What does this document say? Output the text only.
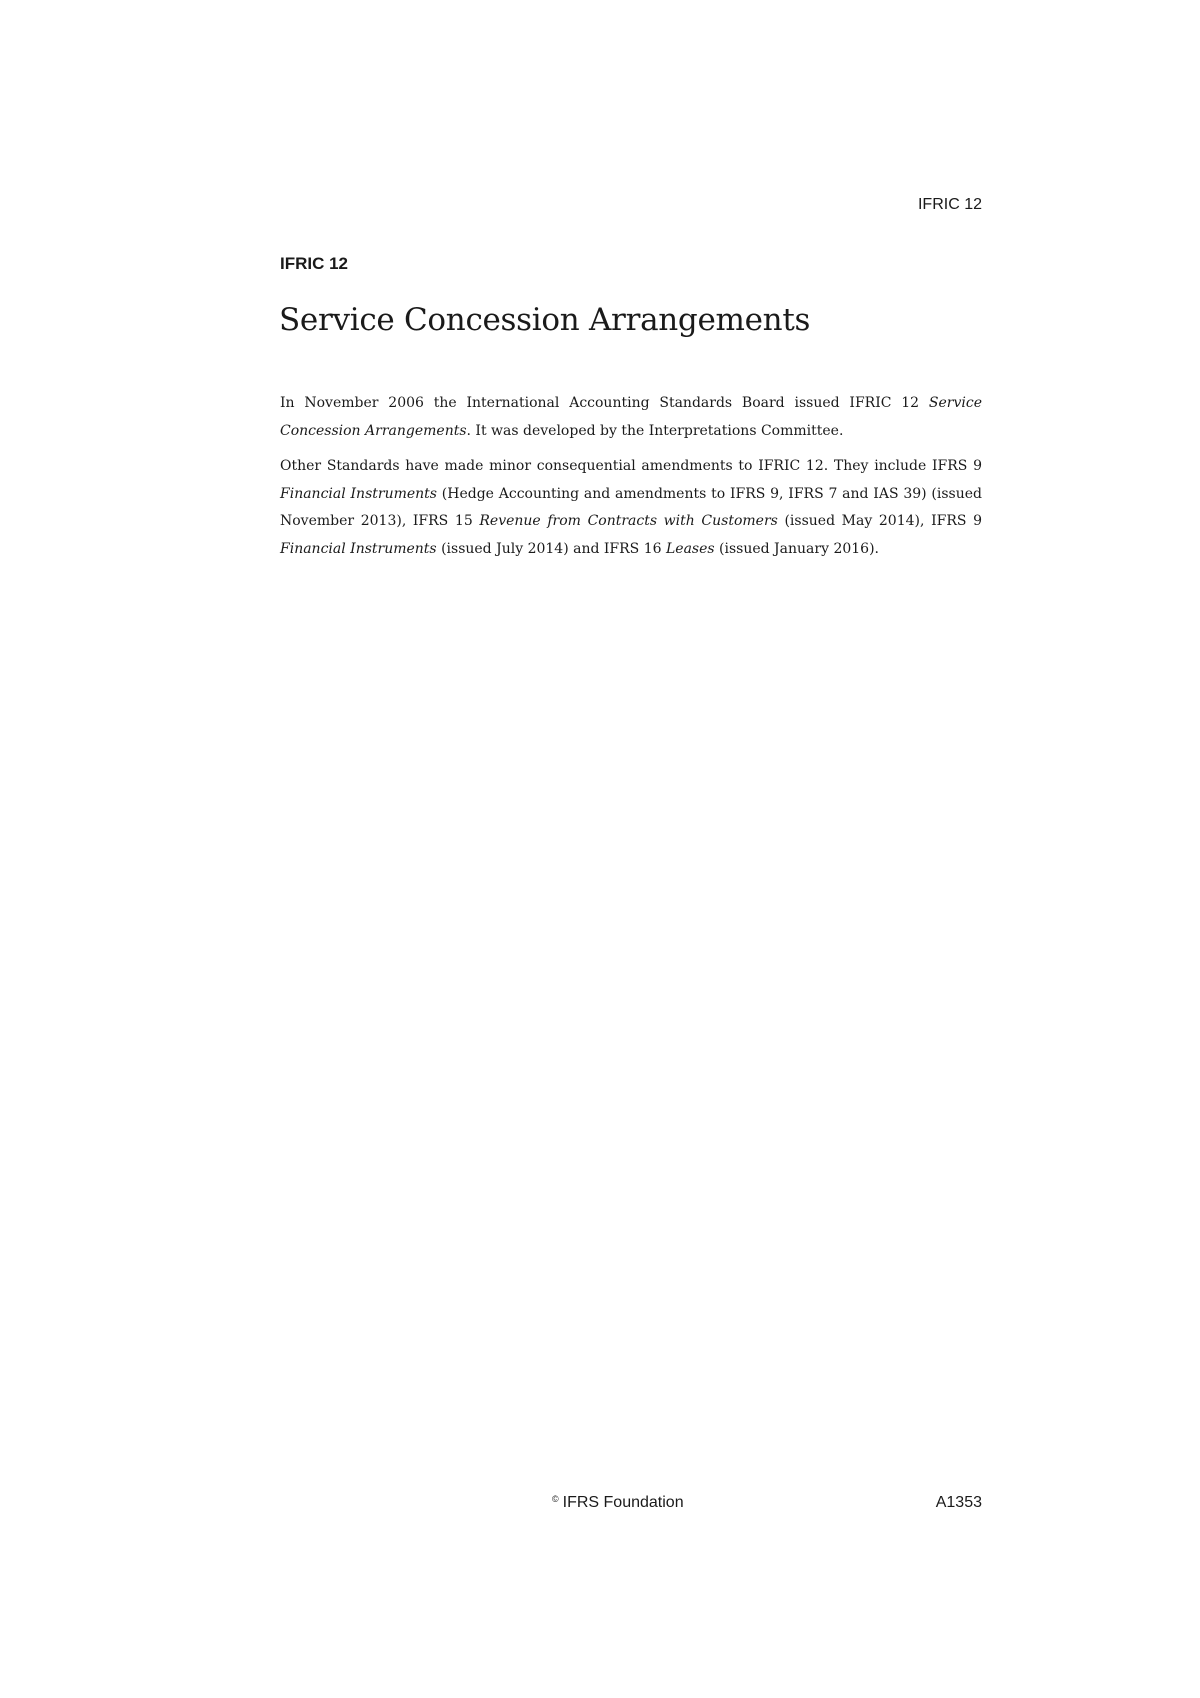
IFRIC 12
IFRIC 12
Service Concession Arrangements

In November 2006 the International Accounting Standards Board issued IFRIC 12 Service Concession Arrangements. It was developed by the Interpretations Committee.

Other Standards have made minor consequential amendments to IFRIC 12. They include IFRS 9 Financial Instruments (Hedge Accounting and amendments to IFRS 9, IFRS 7 and IAS 39) (issued November 2013), IFRS 15 Revenue from Contracts with Customers (issued May 2014), IFRS 9 Financial Instruments (issued July 2014) and IFRS 16 Leases (issued January 2016).

© IFRS Foundation	A1353
